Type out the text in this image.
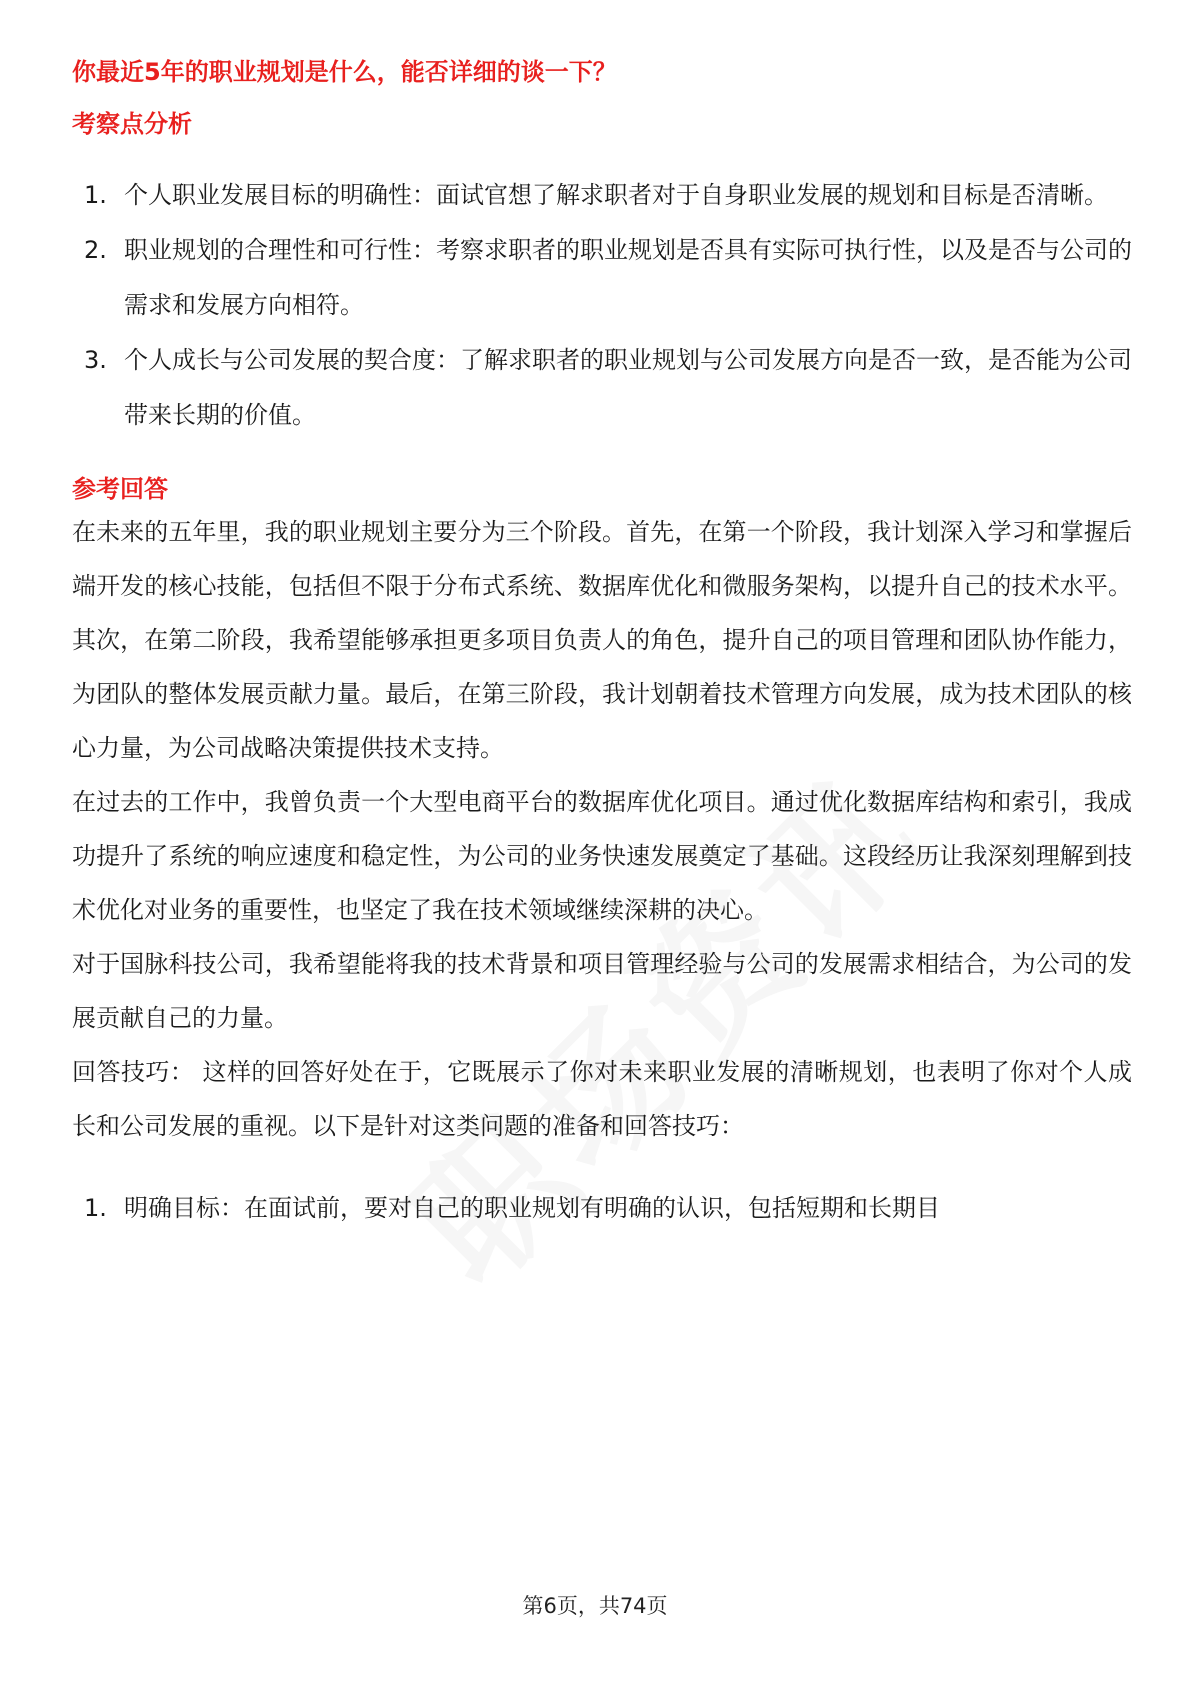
你最近5年的职业规划是什么，能否详细的谈一下？
考察点分析
1. 个人职业发展目标的明确性：面试官想了解求职者对于自身职业发展的规划和目标是否清晰。
2. 职业规划的合理性和可行性：考察求职者的职业规划是否具有实际可执行性，以及是否与公司的需求和发展方向相符。
3. 个人成长与公司发展的契合度：了解求职者的职业规划与公司发展方向是否一致，是否能为公司带来长期的价值。
参考回答

在未来的五年里，我的职业规划主要分为三个阶段。首先，在第一个阶段，我计划深入学习和掌握后端开发的核心技能，包括但不限于分布式系统、数据库优化和微服务架构，以提升自己的技术水平。其次，在第二阶段，我希望能够承担更多项目负责人的角色，提升自己的项目管理和团队协作能力，为团队的整体发展贡献力量。最后，在第三阶段，我计划朝着技术管理方向发展，成为技术团队的核心力量，为公司战略决策提供技术支持。

在过去的工作中，我曾负责一个大型电商平台的数据库优化项目。通过优化数据库结构和索引，我成功提升了系统的响应速度和稳定性，为公司的业务快速发展奠定了基础。这段经历让我深刻理解到技术优化对业务的重要性，也坚定了我在技术领域继续深耕的决心。

对于国脉科技公司，我希望能将我的技术背景和项目管理经验与公司的发展需求相结合，为公司的发展贡献自己的力量。

回答技巧： 这样的回答好处在于，它既展示了你对未来职业发展的清晰规划，也表明了你对个人成长和公司发展的重视。以下是针对这类问题的准备和回答技巧：

1. 明确目标：在面试前，要对自己的职业规划有明确的认识，包括短期和长期目
第6页，共74页
